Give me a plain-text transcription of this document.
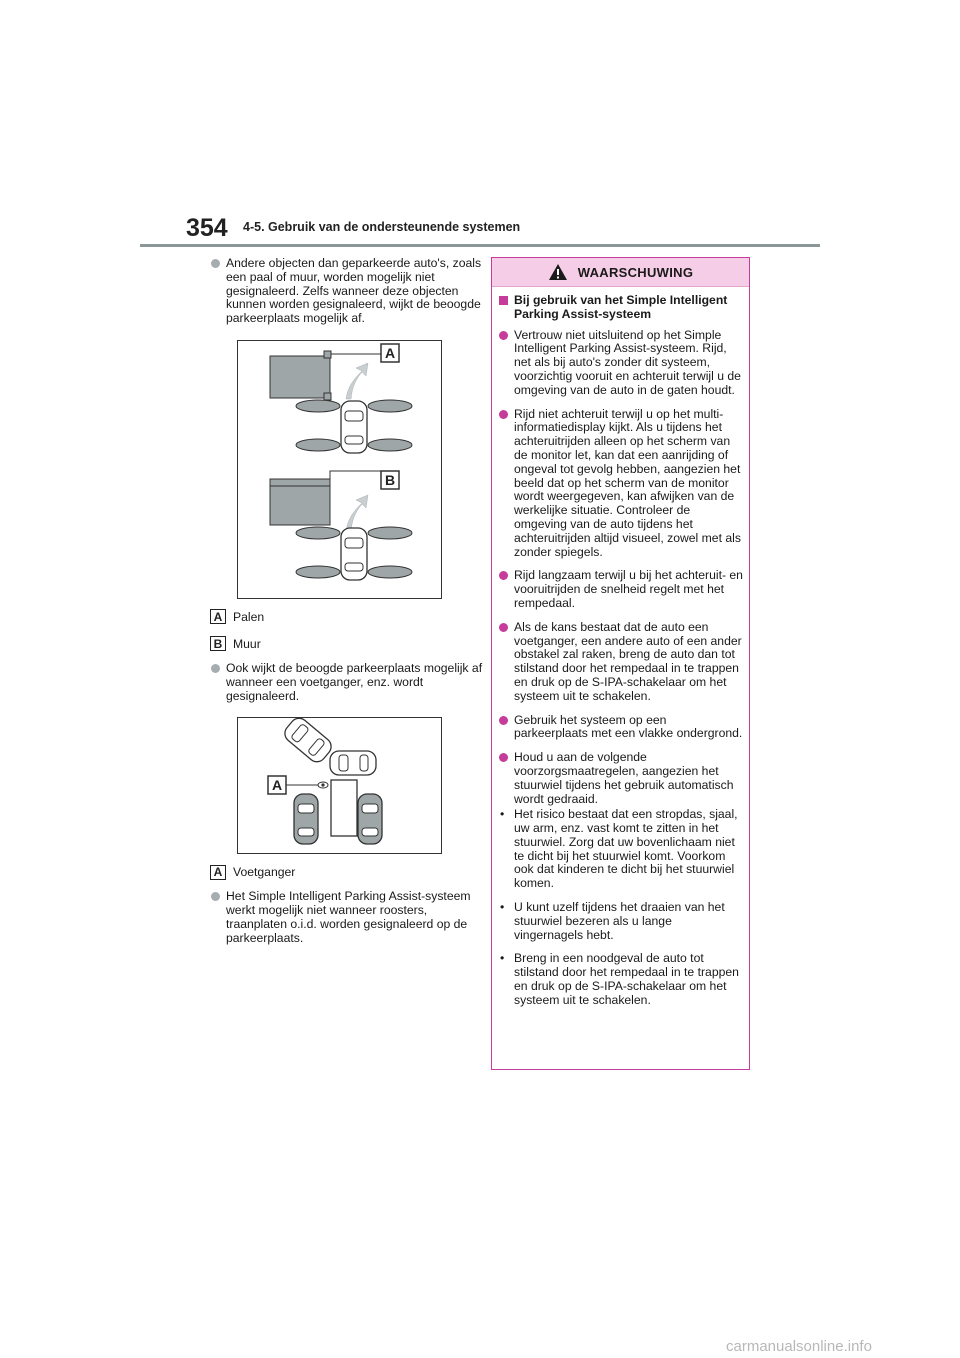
354 4-5. Gebruik van de ondersteunende systemen
Andere objecten dan geparkeerde auto's, zoals een paal of muur, worden mogelijk niet gesignaleerd. Zelfs wanneer deze objecten kunnen worden gesignaleerd, wijkt de beoogde parkeerplaats mogelijk af.
A
B
A Palen
B Muur
Ook wijkt de beoogde parkeerplaats mogelijk af wanneer een voetganger, enz. wordt gesignaleerd.
A
A Voetganger
Het Simple Intelligent Parking Assist-systeem werkt mogelijk niet wanneer roosters, traanplaten o.i.d. worden gesignaleerd op de parkeerplaats.
WAARSCHUWING
Bij gebruik van het Simple Intelligent Parking Assist-systeem
Vertrouw niet uitsluitend op het Simple Intelligent Parking Assist-systeem. Rijd, net als bij auto's zonder dit systeem, voorzichtig vooruit en achteruit terwijl u de omgeving van de auto in de gaten houdt.
Rijd niet achteruit terwijl u op het multi-informatiedisplay kijkt. Als u tijdens het achteruitrijden alleen op het scherm van de monitor let, kan dat een aanrijding of ongeval tot gevolg hebben, aangezien het beeld dat op het scherm van de monitor wordt weergegeven, kan afwijken van de werkelijke situatie. Controleer de omgeving van de auto tijdens het achteruitrijden altijd visueel, zowel met als zonder spiegels.
Rijd langzaam terwijl u bij het achteruit- en vooruitrijden de snelheid regelt met het rempedaal.
Als de kans bestaat dat de auto een voetganger, een andere auto of een ander obstakel zal raken, breng de auto dan tot stilstand door het rempedaal in te trappen en druk op de S-IPA-schakelaar om het systeem uit te schakelen.
Gebruik het systeem op een parkeerplaats met een vlakke ondergrond.
Houd u aan de volgende voorzorgsmaatregelen, aangezien het stuurwiel tijdens het gebruik automatisch wordt gedraaid.
• Het risico bestaat dat een stropdas, sjaal, uw arm, enz. vast komt te zitten in het stuurwiel. Zorg dat uw bovenlichaam niet te dicht bij het stuurwiel komt. Voorkom ook dat kinderen te dicht bij het stuurwiel komen.
• U kunt uzelf tijdens het draaien van het stuurwiel bezeren als u lange vingernagels hebt.
• Breng in een noodgeval de auto tot stilstand door het rempedaal in te trappen en druk op de S-IPA-schakelaar om het systeem uit te schakelen.
carmanualsonline.info
